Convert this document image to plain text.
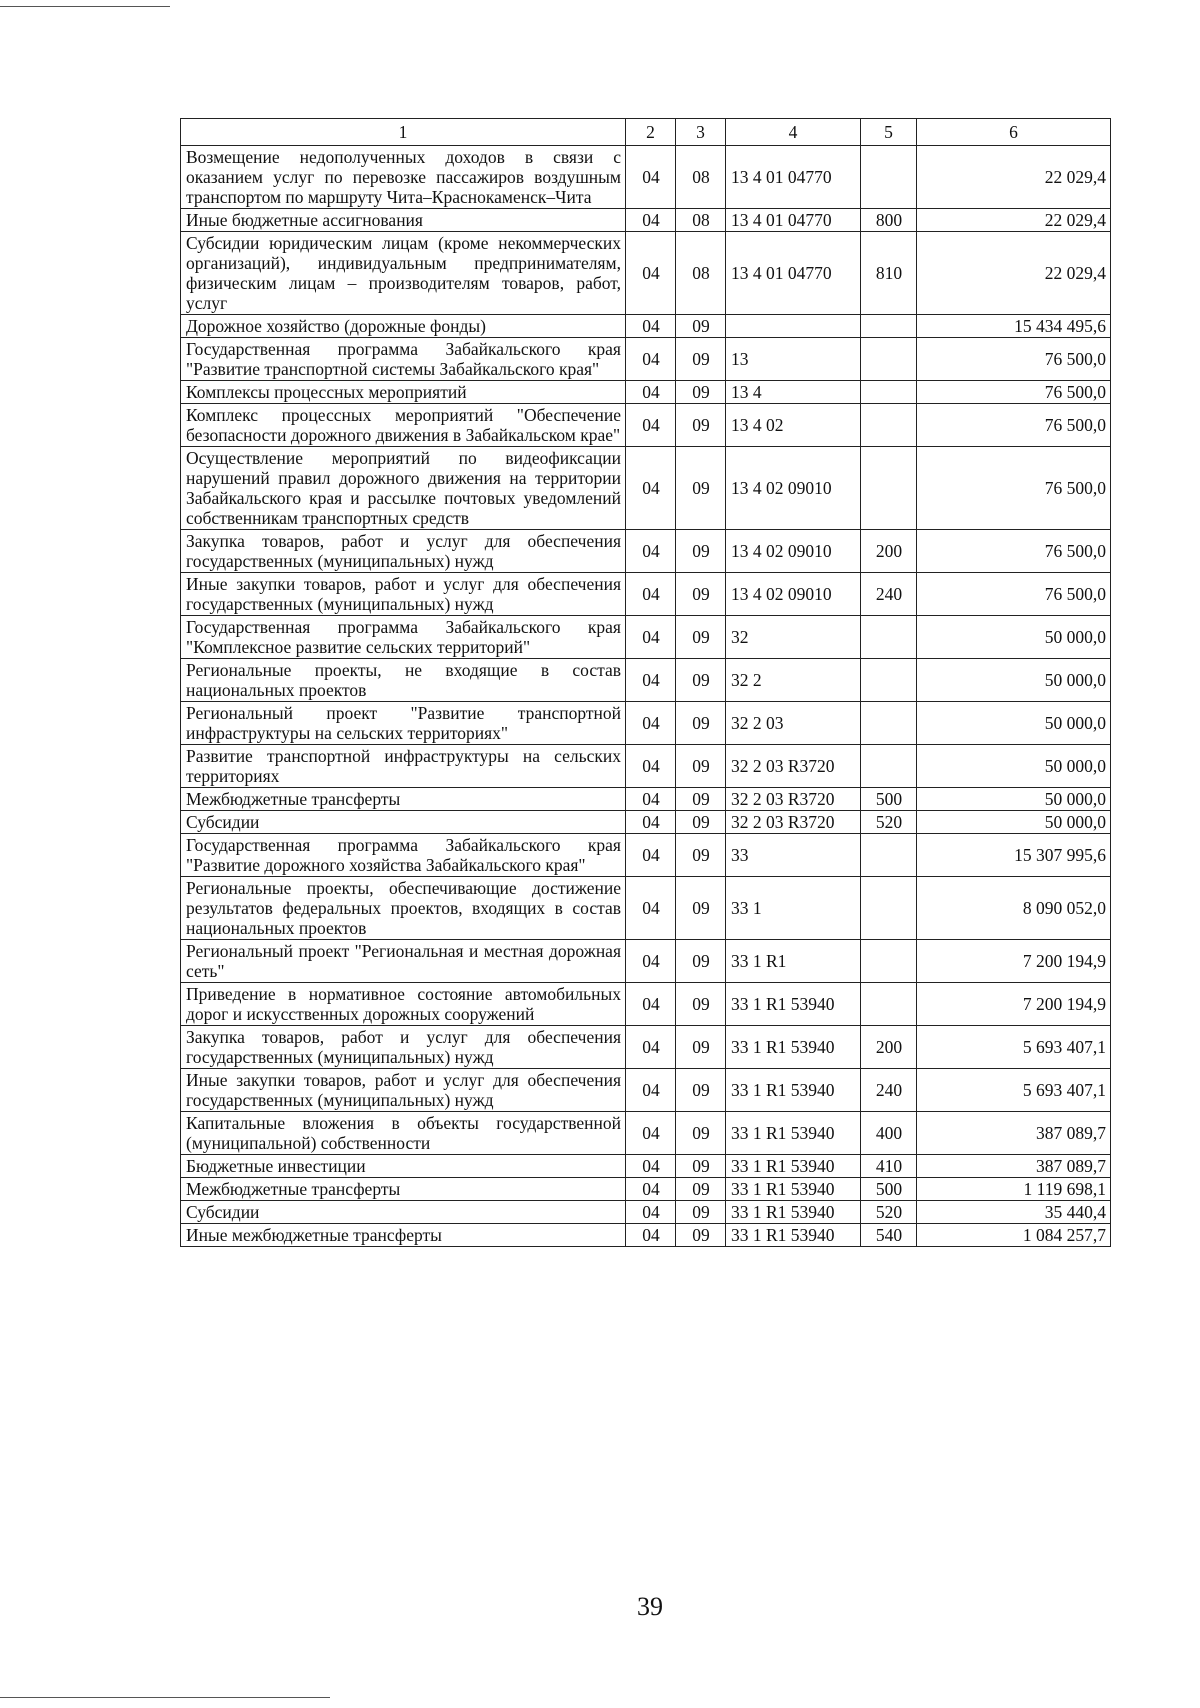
1	2	3	4	5	6
Возмещение недополученных доходов в связи с оказанием услуг по перевозке пассажиров воздушным транспортом по маршруту Чита–Краснокаменск–Чита	04	08	13 4 01 04770		22 029,4
Иные бюджетные ассигнования	04	08	13 4 01 04770	800	22 029,4
Субсидии юридическим лицам (кроме некоммерческих организаций), индивидуальным предпринимателям, физическим лицам – производителям товаров, работ, услуг	04	08	13 4 01 04770	810	22 029,4
Дорожное хозяйство (дорожные фонды)	04	09			15 434 495,6
Государственная программа Забайкальского края "Развитие транспортной системы Забайкальского края"	04	09	13		76 500,0
Комплексы процессных мероприятий	04	09	13 4		76 500,0
Комплекс процессных мероприятий "Обеспечение безопасности дорожного движения в Забайкальском крае"	04	09	13 4 02		76 500,0
Осуществление мероприятий по видеофиксации нарушений правил дорожного движения на территории Забайкальского края и рассылке почтовых уведомлений собственникам транспортных средств	04	09	13 4 02 09010		76 500,0
Закупка товаров, работ и услуг для обеспечения государственных (муниципальных) нужд	04	09	13 4 02 09010	200	76 500,0
Иные закупки товаров, работ и услуг для обеспечения государственных (муниципальных) нужд	04	09	13 4 02 09010	240	76 500,0
Государственная программа Забайкальского края "Комплексное развитие сельских территорий"	04	09	32		50 000,0
Региональные проекты, не входящие в состав национальных проектов	04	09	32 2		50 000,0
Региональный проект "Развитие транспортной инфраструктуры на сельских территориях"	04	09	32 2 03		50 000,0
Развитие транспортной инфраструктуры на сельских территориях	04	09	32 2 03 R3720		50 000,0
Межбюджетные трансферты	04	09	32 2 03 R3720	500	50 000,0
Субсидии	04	09	32 2 03 R3720	520	50 000,0
Государственная программа Забайкальского края "Развитие дорожного хозяйства Забайкальского края"	04	09	33		15 307 995,6
Региональные проекты, обеспечивающие достижение результатов федеральных проектов, входящих в состав национальных проектов	04	09	33 1		8 090 052,0
Региональный проект "Региональная и местная дорожная сеть"	04	09	33 1 R1		7 200 194,9
Приведение в нормативное состояние автомобильных дорог и искусственных дорожных сооружений	04	09	33 1 R1 53940		7 200 194,9
Закупка товаров, работ и услуг для обеспечения государственных (муниципальных) нужд	04	09	33 1 R1 53940	200	5 693 407,1
Иные закупки товаров, работ и услуг для обеспечения государственных (муниципальных) нужд	04	09	33 1 R1 53940	240	5 693 407,1
Капитальные вложения в объекты государственной (муниципальной) собственности	04	09	33 1 R1 53940	400	387 089,7
Бюджетные инвестиции	04	09	33 1 R1 53940	410	387 089,7
Межбюджетные трансферты	04	09	33 1 R1 53940	500	1 119 698,1
Субсидии	04	09	33 1 R1 53940	520	35 440,4
Иные межбюджетные трансферты	04	09	33 1 R1 53940	540	1 084 257,7
39
